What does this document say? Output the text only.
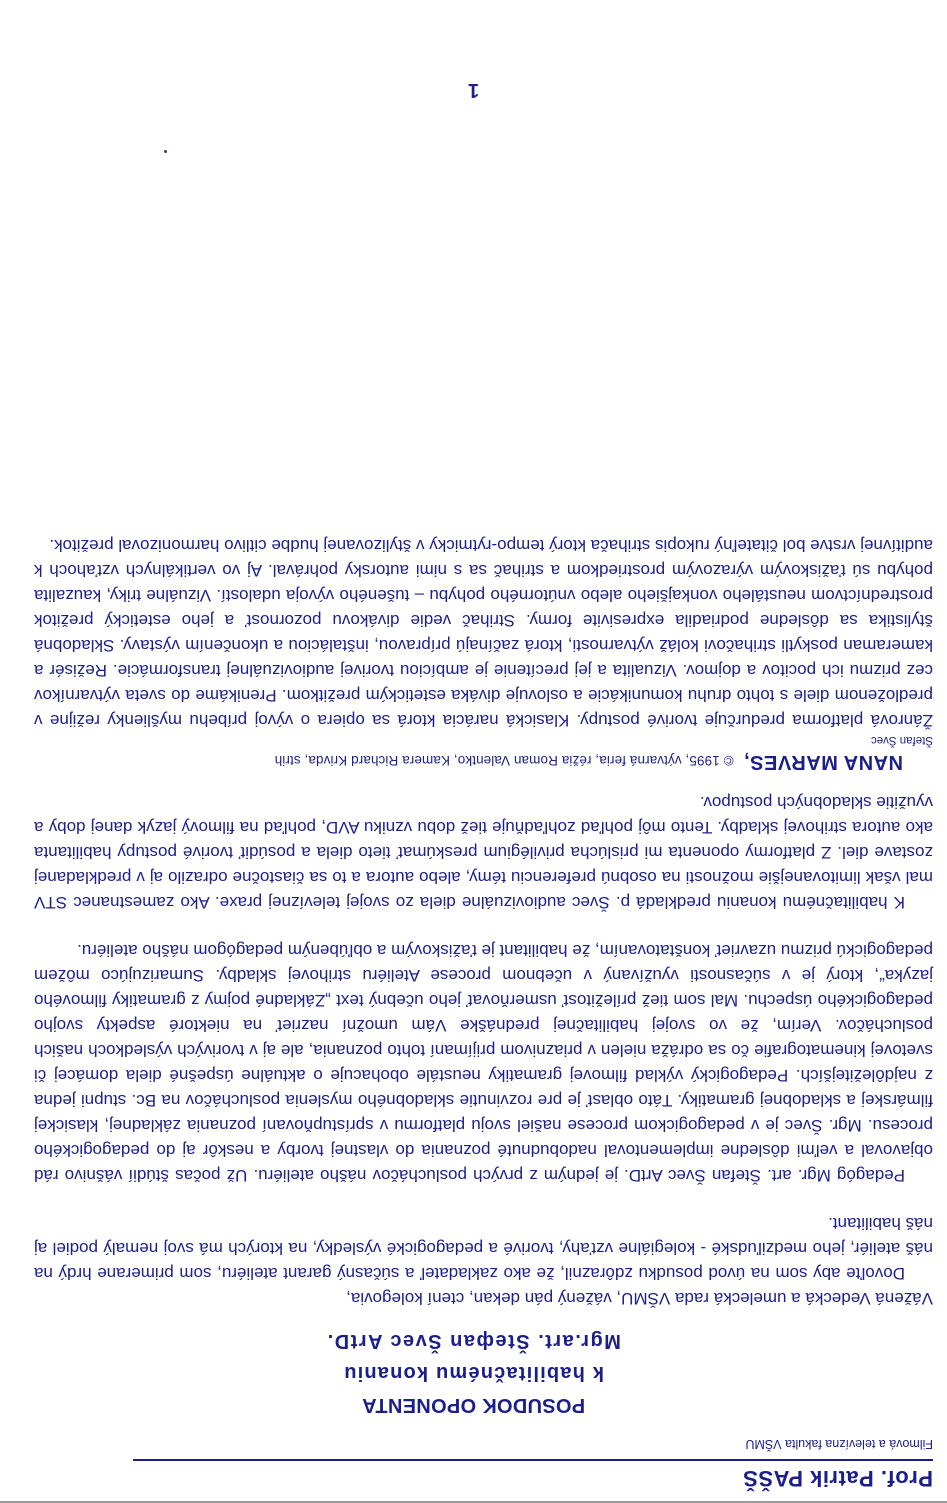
Prof. Patrik PAŠŠ
Filmová a televízna fakulta VŠMU
POSUDOK OPONENTA
k habilitačnému konaniu
Mgr.art. Šteфan Švec ArtD.

Vážená Vedecká a umelecká rada VŠMU, vážený pán dekan, ctení kolegovia,

Dovoľte aby som na úvod posudku zdôraznil, že ako zakladateľ a súčasný garant ateliéru, som primerane hrdý na náš ateliér, jeho medziľudské - kolegiálne vzťahy, tvorivé a pedagogické výsledky, na ktorých má svoj nemalý podiel aj náš habilitant.

Pedagóg Mgr. art. Štefan Švec ArtD. je jedným z prvých poslucháčov nášho ateliéru. Už počas štúdií vášnivo rád objavoval a veľmi dôsledne implementoval nadobudnuté poznania do vlastnej tvorby a neskôr aj do pedagogického procesu. Mgr. Švec je v pedagogickom procese našiel svoju platformu v sprístupňovaní poznania základnej, klasickej filmárskej a skladobnej gramatiky. Táto oblasť je pre rozvinutie skladobného myslenia poslucháčov na Bc. stupni jedna z najdôležitejších. Pedagogický výklad filmovej gramatiky neustále obohacuje o aktuálne úspešné diela domácej či svetovej kinematografie čo sa odráža nielen v priaznivom prijímaní tohto poznania, ale aj v tvorivých výsledkoch našich poslucháčov. Verím, že vo svojej habilitačnej prednáške Vám umožní nazrieť na niektoré aspekty svojho pedagogického úspechu. Mal som tiež príležitosť usmerňovať jeho učebný text „Základné pojmy z gramatiky filmového jazyka“, ktorý je v súčasnosti využívaný v učebnom procese Ateliéru strihovej skladby. Sumarizujúco môžem pedagogickú prizmu uzavrieť konštatovaním, že habilitant je ťažiskovým a obľúbeným pedagógom nášho ateliéru.

K habilitačnému konaniu predkladá p. Švec audiovizuálne diela zo svojej televíznej praxe. Ako zamestnanec STV mal však limitovanejšie možnosti na osobnú preferenciu témy, alebo autora a to sa čiastočne odrazilo aj v predkladanej zostave diel. Z platformy oponenta mi prislúcha privilégium preskúmať tieto diela a posúdiť tvorivé postupy habilitanta ako autora strihovej skladby. Tento môj pohľad zohľadňuje tiež dobu vzniku AVD, pohľad na filmový jazyk danej doby a využitie skladobných postupov.

NANA MARVES,
© 1995, výtvarná feria, réžia Roman Valentko, Kamera Richard Krivda, strih
Štefan Švec

Žánrová platforma predurčuje tvorivé postupy. Klasická narácia ktorá sa opiera o vývoj príbehu myšlienky režijne v predloženom diele s tohto druhu komunikácie a oslovuje diváka estetickým prežitkom. Prenikáme do sveta výtvarníkov cez prizmu ich pocitov a dojmov. Vizualita a jej precítenie je ambíciou tvorivej audiovizuálnej transformácie. Režisér a kameraman poskytli strihačovi koláž výtvarnosti, ktorá začínajú prípravou, inštaláciou a ukončením výstavy. Skladobná štylistika sa dôsledne podriadila expresivite formy. Strihač vedie divákovu pozornosť a jeho estetický prežitok prostredníctvom neustáleho vonkajšieho alebo vnútorného pohybu – tušeného vývoja udalostí. Vizuálne triky, kauzalita pohybu sú ťažiskovým výrazovým prostriedkom a strihač sa s nimi autorsky pohrával. Aj vo vertikálnych vzťahoch k auditívnej vrstve bol čitateľný rukopis strihača ktorý tempo-rytmicky v štylizovanej hudbe citlivo harmonizoval prežitok.

1
